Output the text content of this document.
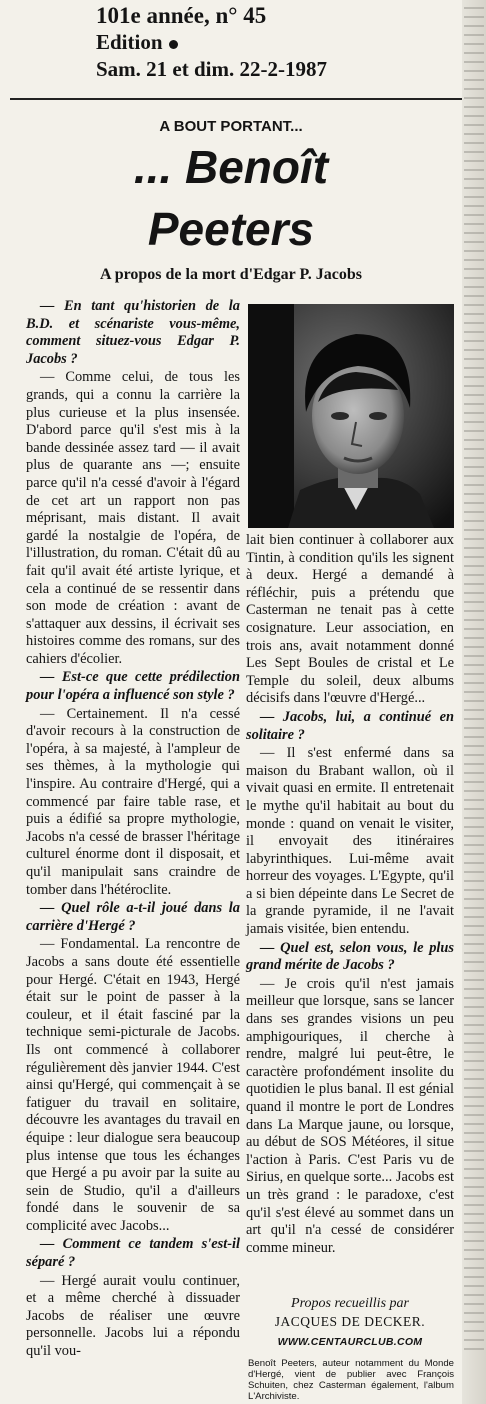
101e année, n° 45
Edition
Sam. 21 et dim. 22-2-1987
A BOUT PORTANT...
... Benoît
Peeters
A propos de la mort d'Edgar P. Jacobs

— En tant qu'historien de la B.D. et scénariste vous-même, comment situez-vous Edgar P. Jacobs ?

— Comme celui, de tous les grands, qui a connu la carrière la plus curieuse et la plus insensée. D'abord parce qu'il s'est mis à la bande dessinée assez tard — il avait plus de quarante ans —; ensuite parce qu'il n'a cessé d'avoir à l'égard de cet art un rapport non pas méprisant, mais distant. Il avait gardé la nostalgie de l'opéra, de l'illustration, du roman. C'était dû au fait qu'il avait été artiste lyrique, et cela a continué de se ressentir dans son mode de création : avant de s'attaquer aux dessins, il écrivait ses histoires comme des romans, sur des cahiers d'écolier.

— Est-ce que cette prédilection pour l'opéra a influencé son style ?

— Certainement. Il n'a cessé d'avoir recours à la construction de l'opéra, à sa majesté, à l'ampleur de ses thèmes, à la mythologie qui l'inspire. Au contraire d'Hergé, qui a commencé par faire table rase, et puis a édifié sa propre mythologie, Jacobs n'a cessé de brasser l'héritage culturel énorme dont il disposait, et qu'il manipulait sans craindre de tomber dans l'hétéroclite.

— Quel rôle a-t-il joué dans la carrière d'Hergé ?

— Fondamental. La rencontre de Jacobs a sans doute été essentielle pour Hergé. C'était en 1943, Hergé était sur le point de passer à la couleur, et il était fasciné par la technique semi-picturale de Jacobs. Ils ont commencé à collaborer régulièrement dès janvier 1944. C'est ainsi qu'Hergé, qui commençait à se fatiguer du travail en solitaire, découvre les avantages du travail en équipe : leur dialogue sera beaucoup plus intense que tous les échanges que Hergé a pu avoir par la suite au sein de Studio, qu'il a d'ailleurs fondé dans le souvenir de sa complicité avec Jacobs...

— Comment ce tandem s'est-il séparé ?

— Hergé aurait voulu continuer, et a même cherché à dissuader Jacobs de réaliser une œuvre personnelle. Jacobs lui a répondu qu'il vou-

lait bien continuer à collaborer aux Tintin, à condition qu'ils les signent à deux. Hergé a demandé à réfléchir, puis a prétendu que Casterman ne tenait pas à cette cosignature. Leur association, en trois ans, avait notamment donné Les Sept Boules de cristal et Le Temple du soleil, deux albums décisifs dans l'œuvre d'Hergé...

— Jacobs, lui, a continué en solitaire ?

— Il s'est enfermé dans sa maison du Brabant wallon, où il vivait quasi en ermite. Il entretenait le mythe qu'il habitait au bout du monde : quand on venait le visiter, il envoyait des itinéraires labyrinthiques. Lui-même avait horreur des voyages. L'Egypte, qu'il a si bien dépeinte dans Le Secret de la grande pyramide, il ne l'avait jamais visitée, bien entendu.

— Quel est, selon vous, le plus grand mérite de Jacobs ?

— Je crois qu'il n'est jamais meilleur que lorsque, sans se lancer dans ses grandes visions un peu amphigouriques, il cherche à rendre, malgré lui peut-être, le caractère profondément insolite du quotidien le plus banal. Il est génial quand il montre le port de Londres dans La Marque jaune, ou lorsque, au début de SOS Météores, il situe l'action à Paris. C'est Paris vu de Sirius, en quelque sorte... Jacobs est un très grand : le paradoxe, c'est qu'il s'est élevé au sommet dans un art qu'il n'a cessé de considérer comme mineur.

Propos recueillis par
JACQUES DE DECKER.
WWW.CENTAURCLUB.COM
Benoît Peeters, auteur notamment du Monde d'Hergé, vient de publier avec François Schuiten, chez Casterman également, l'album L'Archiviste.
